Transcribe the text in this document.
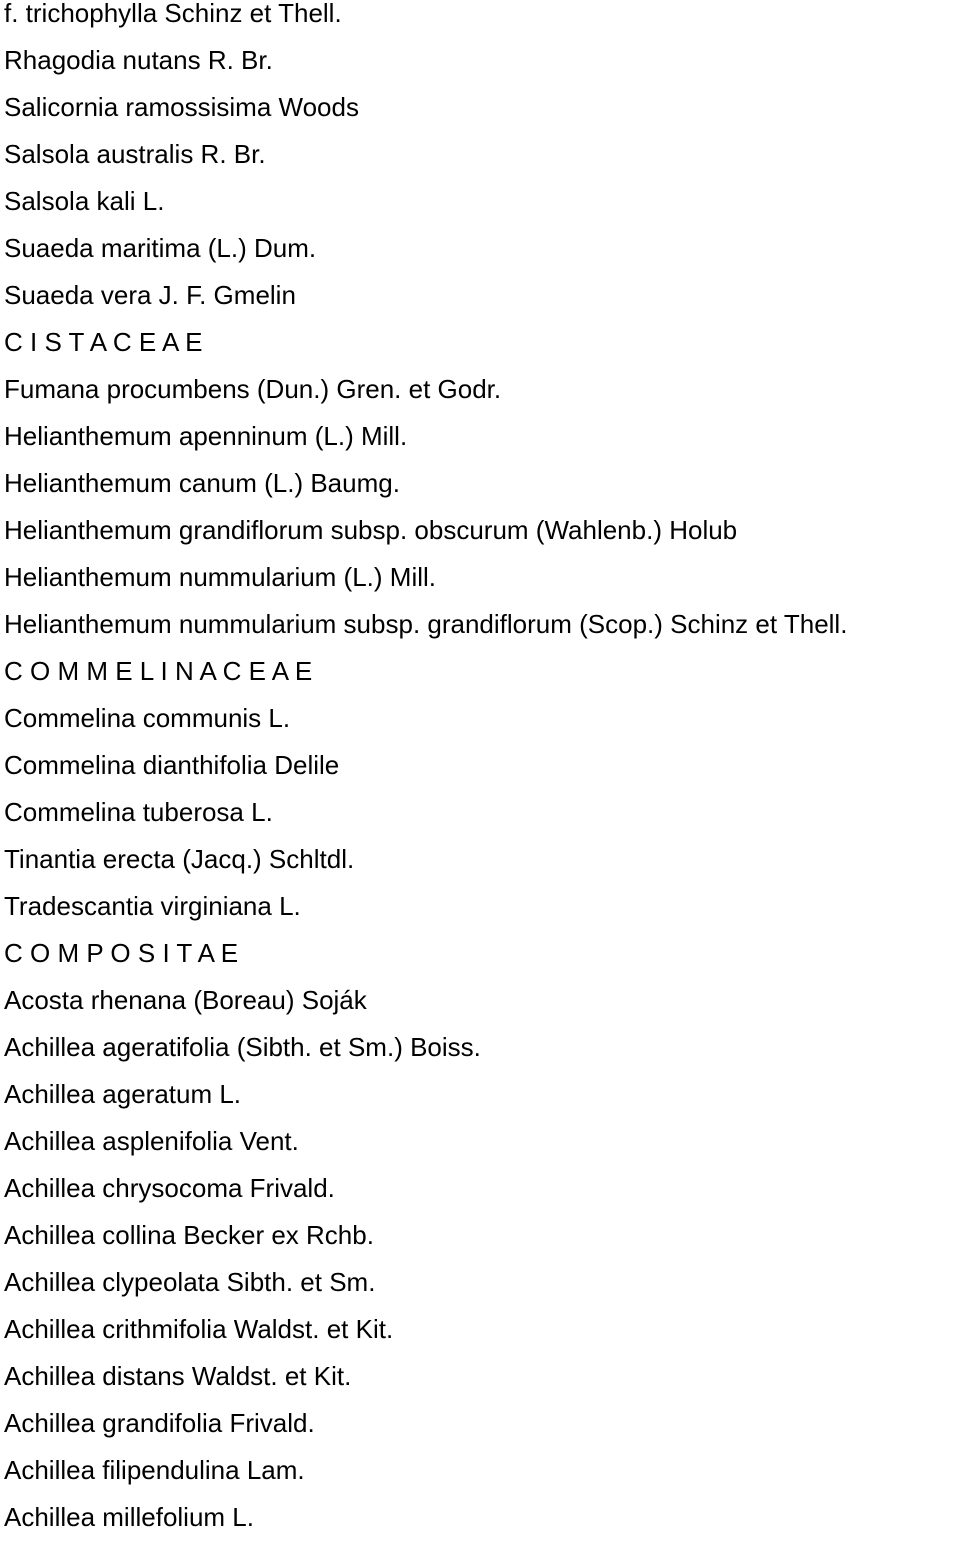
f. trichophylla Schinz et Thell.
Rhagodia nutans R. Br.
Salicornia ramossisima Woods
Salsola australis R. Br.
Salsola kali L.
Suaeda maritima (L.) Dum.
Suaeda vera J. F. Gmelin
C I S T A C E A E
Fumana procumbens (Dun.) Gren. et Godr.
Helianthemum apenninum (L.) Mill.
Helianthemum canum (L.) Baumg.
Helianthemum grandiflorum subsp. obscurum (Wahlenb.) Holub
Helianthemum nummularium (L.) Mill.
Helianthemum nummularium subsp. grandiflorum (Scop.) Schinz et Thell.
C O M M E L I N A C E A E
Commelina communis L.
Commelina dianthifolia Delile
Commelina tuberosa L.
Tinantia erecta (Jacq.) Schltdl.
Tradescantia virginiana L.
C O M P O S I T A E
Acosta rhenana (Boreau) Soják
Achillea ageratifolia (Sibth. et Sm.) Boiss.
Achillea ageratum L.
Achillea asplenifolia Vent.
Achillea chrysocoma Frivald.
Achillea collina Becker ex Rchb.
Achillea clypeolata Sibth. et Sm.
Achillea crithmifolia Waldst. et Kit.
Achillea distans Waldst. et Kit.
Achillea grandifolia Frivald.
Achillea filipendulina Lam.
Achillea millefolium L.
